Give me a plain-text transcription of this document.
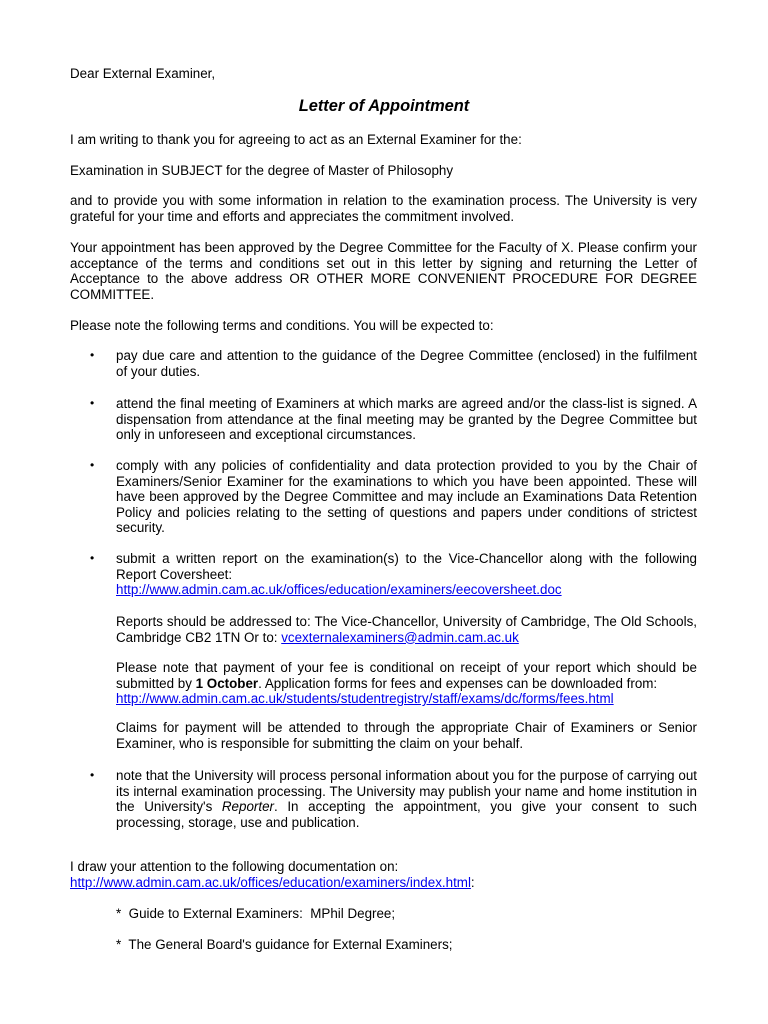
Dear External Examiner,

Letter of Appointment

I am writing to thank you for agreeing to act as an External Examiner for the:

Examination in SUBJECT for the degree of Master of Philosophy

and to provide you with some information in relation to the examination process. The University is very grateful for your time and efforts and appreciates the commitment involved.

Your appointment has been approved by the Degree Committee for the Faculty of X. Please confirm your acceptance of the terms and conditions set out in this letter by signing and returning the Letter of Acceptance to the above address OR OTHER MORE CONVENIENT PROCEDURE FOR DEGREE COMMITTEE.

Please note the following terms and conditions. You will be expected to:

• pay due care and attention to the guidance of the Degree Committee (enclosed) in the fulfilment of your duties.

• attend the final meeting of Examiners at which marks are agreed and/or the class-list is signed. A dispensation from attendance at the final meeting may be granted by the Degree Committee but only in unforeseen and exceptional circumstances.

• comply with any policies of confidentiality and data protection provided to you by the Chair of Examiners/Senior Examiner for the examinations to which you have been appointed. These will have been approved by the Degree Committee and may include an Examinations Data Retention Policy and policies relating to the setting of questions and papers under conditions of strictest security.

• submit a written report on the examination(s) to the Vice-Chancellor along with the following Report Coversheet:
http://www.admin.cam.ac.uk/offices/education/examiners/eecoversheet.doc

Reports should be addressed to: The Vice-Chancellor, University of Cambridge, The Old Schools, Cambridge CB2 1TN Or to: vcexternalexaminers@admin.cam.ac.uk

Please note that payment of your fee is conditional on receipt of your report which should be submitted by 1 October. Application forms for fees and expenses can be downloaded from:
http://www.admin.cam.ac.uk/students/studentregistry/staff/exams/dc/forms/fees.html

Claims for payment will be attended to through the appropriate Chair of Examiners or Senior Examiner, who is responsible for submitting the claim on your behalf.

• note that the University will process personal information about you for the purpose of carrying out its internal examination processing. The University may publish your name and home institution in the University's Reporter. In accepting the appointment, you give your consent to such processing, storage, use and publication.

I draw your attention to the following documentation on:
http://www.admin.cam.ac.uk/offices/education/examiners/index.html:

*  Guide to External Examiners:  MPhil Degree;

*  The General Board's guidance for External Examiners;
